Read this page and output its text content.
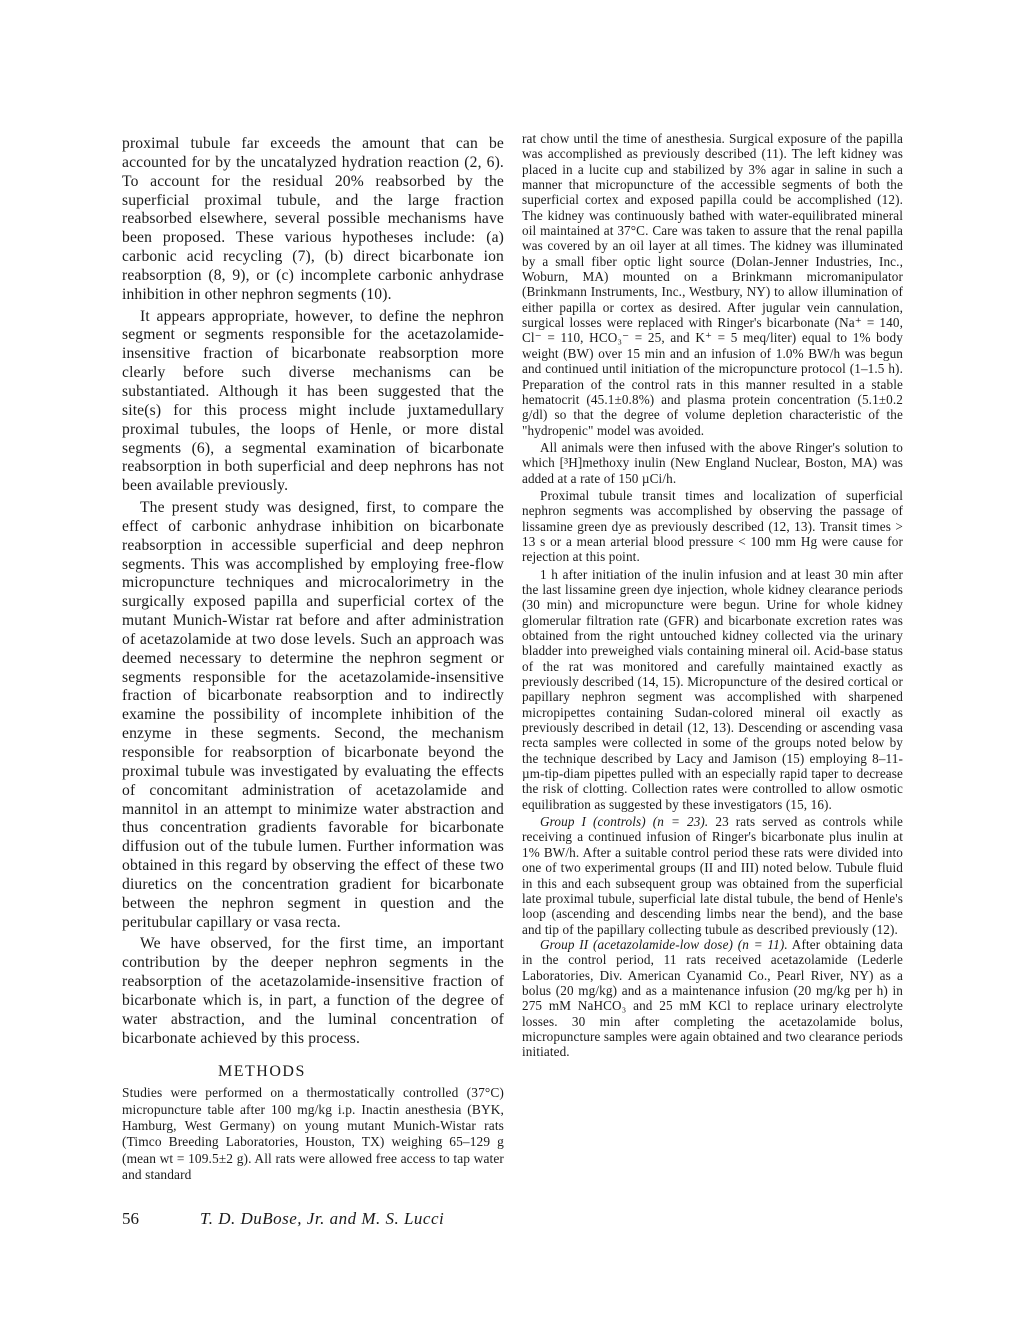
proximal tubule far exceeds the amount that can be accounted for by the uncatalyzed hydration reaction (2, 6). To account for the residual 20% reabsorbed by the superficial proximal tubule, and the large fraction reabsorbed elsewhere, several possible mechanisms have been proposed. These various hypotheses include: (a) carbonic acid recycling (7), (b) direct bicarbonate ion reabsorption (8, 9), or (c) incomplete carbonic anhydrase inhibition in other nephron segments (10).

It appears appropriate, however, to define the nephron segment or segments responsible for the acetazolamide-insensitive fraction of bicarbonate reabsorption more clearly before such diverse mechanisms can be substantiated. Although it has been suggested that the site(s) for this process might include juxtamedullary proximal tubules, the loops of Henle, or more distal segments (6), a segmental examination of bicarbonate reabsorption in both superficial and deep nephrons has not been available previously.

The present study was designed, first, to compare the effect of carbonic anhydrase inhibition on bicarbonate reabsorption in accessible superficial and deep nephron segments. This was accomplished by employing free-flow micropuncture techniques and microcalorimetry in the surgically exposed papilla and superficial cortex of the mutant Munich-Wistar rat before and after administration of acetazolamide at two dose levels. Such an approach was deemed necessary to determine the nephron segment or segments responsible for the acetazolamide-insensitive fraction of bicarbonate reabsorption and to indirectly examine the possibility of incomplete inhibition of the enzyme in these segments. Second, the mechanism responsible for reabsorption of bicarbonate beyond the proximal tubule was investigated by evaluating the effects of concomitant administration of acetazolamide and mannitol in an attempt to minimize water abstraction and thus concentration gradients favorable for bicarbonate diffusion out of the tubule lumen. Further information was obtained in this regard by observing the effect of these two diuretics on the concentration gradient for bicarbonate between the nephron segment in question and the peritubular capillary or vasa recta.

We have observed, for the first time, an important contribution by the deeper nephron segments in the reabsorption of the acetazolamide-insensitive fraction of bicarbonate which is, in part, a function of the degree of water abstraction, and the luminal concentration of bicarbonate achieved by this process.

METHODS

Studies were performed on a thermostatically controlled (37°C) micropuncture table after 100 mg/kg i.p. Inactin anesthesia (BYK, Hamburg, West Germany) on young mutant Munich-Wistar rats (Timco Breeding Laboratories, Houston, TX) weighing 65–129 g (mean wt = 109.5±2 g). All rats were allowed free access to tap water and standard

rat chow until the time of anesthesia. Surgical exposure of the papilla was accomplished as previously described (11). The left kidney was placed in a lucite cup and stabilized by 3% agar in saline in such a manner that micropuncture of the accessible segments of both the superficial cortex and exposed papilla could be accomplished (12). The kidney was continuously bathed with water-equilibrated mineral oil maintained at 37°C. Care was taken to assure that the renal papilla was covered by an oil layer at all times. The kidney was illuminated by a small fiber optic light source (Dolan-Jenner Industries, Inc., Woburn, MA) mounted on a Brinkmann micromanipulator (Brinkmann Instruments, Inc., Westbury, NY) to allow illumination of either papilla or cortex as desired. After jugular vein cannulation, surgical losses were replaced with Ringer's bicarbonate (Na⁺ = 140, Cl⁻ = 110, HCO₃⁻ = 25, and K⁺ = 5 meq/liter) equal to 1% body weight (BW) over 15 min and an infusion of 1.0% BW/h was begun and continued until initiation of the micropuncture protocol (1–1.5 h). Preparation of the control rats in this manner resulted in a stable hematocrit (45.1±0.8%) and plasma protein concentration (5.1±0.2 g/dl) so that the degree of volume depletion characteristic of the "hydropenic" model was avoided.

All animals were then infused with the above Ringer's solution to which [³H]methoxy inulin (New England Nuclear, Boston, MA) was added at a rate of 150 µCi/h.

Proximal tubule transit times and localization of superficial nephron segments was accomplished by observing the passage of lissamine green dye as previously described (12, 13). Transit times > 13 s or a mean arterial blood pressure < 100 mm Hg were cause for rejection at this point.

1 h after initiation of the inulin infusion and at least 30 min after the last lissamine green dye injection, whole kidney clearance periods (30 min) and micropuncture were begun. Urine for whole kidney glomerular filtration rate (GFR) and bicarbonate excretion rates was obtained from the right untouched kidney collected via the urinary bladder into preweighed vials containing mineral oil. Acid-base status of the rat was monitored and carefully maintained exactly as previously described (14, 15). Micropuncture of the desired cortical or papillary nephron segment was accomplished with sharpened micropipettes containing Sudan-colored mineral oil exactly as previously described in detail (12, 13). Descending or ascending vasa recta samples were collected in some of the groups noted below by the technique described by Lacy and Jamison (15) employing 8–11-µm-tip-diam pipettes pulled with an especially rapid taper to decrease the risk of clotting. Collection rates were controlled to allow osmotic equilibration as suggested by these investigators (15, 16).

Group I (controls) (n = 23). 23 rats served as controls while receiving a continued infusion of Ringer's bicarbonate plus inulin at 1% BW/h. After a suitable control period these rats were divided into one of two experimental groups (II and III) noted below. Tubule fluid in this and each subsequent group was obtained from the superficial late proximal tubule, superficial late distal tubule, the bend of Henle's loop (ascending and descending limbs near the bend), and the base and tip of the papillary collecting tubule as described previously (12).

Group II (acetazolamide-low dose) (n = 11). After obtaining data in the control period, 11 rats received acetazolamide (Lederle Laboratories, Div. American Cyanamid Co., Pearl River, NY) as a bolus (20 mg/kg) and as a maintenance infusion (20 mg/kg per h) in 275 mM NaHCO₃ and 25 mM KCl to replace urinary electrolyte losses. 30 min after completing the acetazolamide bolus, micropuncture samples were again obtained and two clearance periods initiated.

56	T. D. DuBose, Jr. and M. S. Lucci
